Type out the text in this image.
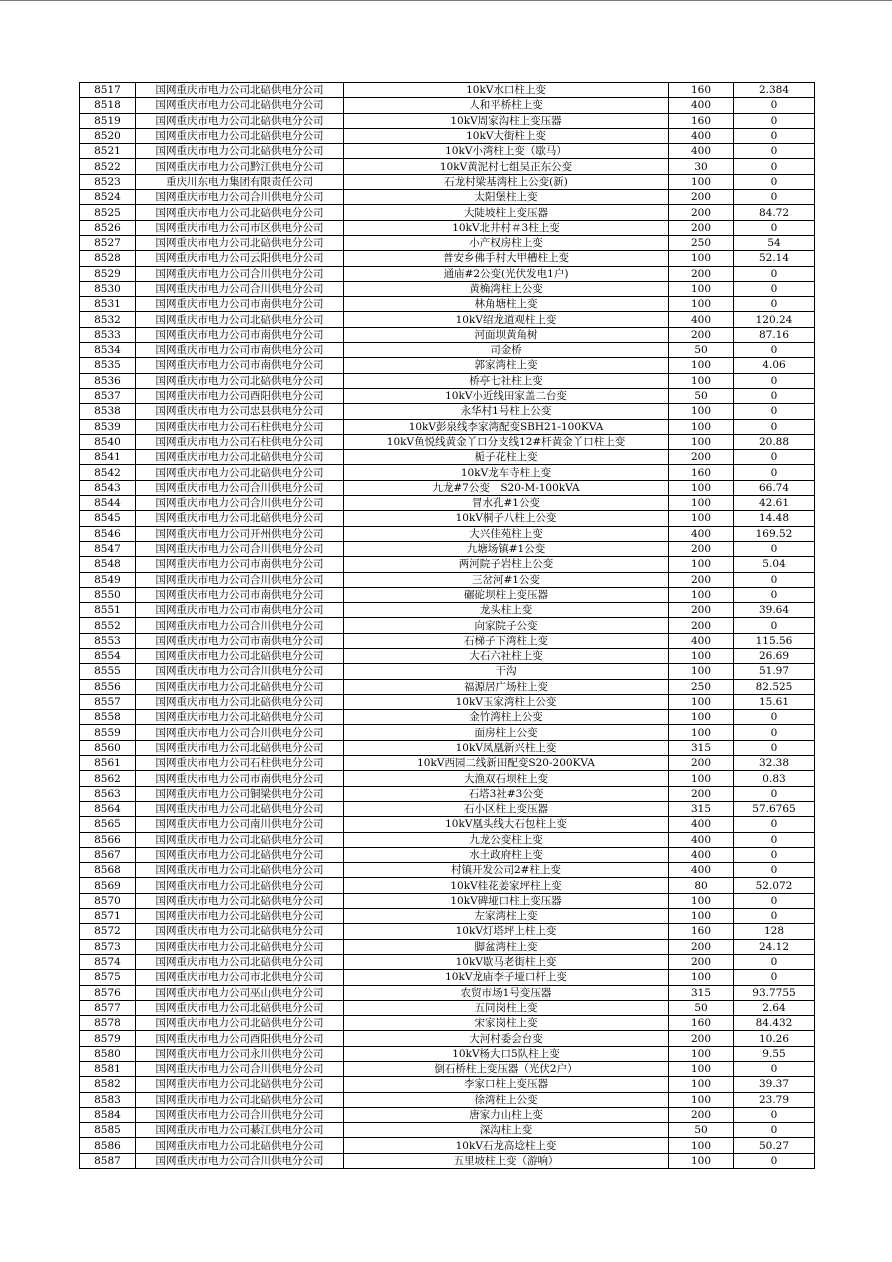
8517	国网重庆市电力公司北碚供电分公司	10kV水口柱上变	160	2.384
8518	国网重庆市电力公司北碚供电分公司	人和平桥柱上变	400	0
8519	国网重庆市电力公司北碚供电分公司	10kV周家沟柱上变压器	160	0
8520	国网重庆市电力公司北碚供电分公司	10kV大街柱上变	400	0
8521	国网重庆市电力公司北碚供电分公司	10kV小湾柱上变（歇马）	400	0
8522	国网重庆市电力公司黔江供电分公司	10kV黄泥村七组吴正东公变	30	0
8523	重庆川东电力集团有限责任公司	石龙村梁基湾柱上公变(新)	100	0
8524	国网重庆市电力公司合川供电分公司	太阳堡柱上变	200	0
8525	国网重庆市电力公司北碚供电分公司	大陡坡柱上变压器	200	84.72
8526	国网重庆市电力公司市区供电分公司	10kV北井村＃3柱上变	200	0
8527	国网重庆市电力公司北碚供电分公司	小产权房柱上变	250	54
8528	国网重庆市电力公司云阳供电分公司	普安乡佛手村大甲槽柱上变	100	52.14
8529	国网重庆市电力公司合川供电分公司	通庙#2公变(光伏发电1户)	200	0
8530	国网重庆市电力公司合川供电分公司	黄桷湾柱上公变	100	0
8531	国网重庆市电力公司市南供电分公司	林角塘柱上变	100	0
8532	国网重庆市电力公司北碚供电分公司	10kV绍龙道观柱上变	400	120.24
8533	国网重庆市电力公司市南供电分公司	河面坝黄角树	200	87.16
8534	国网重庆市电力公司市南供电分公司	司金桥	50	0
8535	国网重庆市电力公司市南供电分公司	郭家湾柱上变	100	4.06
8536	国网重庆市电力公司北碚供电分公司	桥亭七社柱上变	100	0
8537	国网重庆市电力公司酉阳供电分公司	10kV小近线田家盖二台变	50	0
8538	国网重庆市电力公司忠县供电分公司	永华村1号柱上公变	100	0
8539	国网重庆市电力公司石柱供电分公司	10kV彭泉线李家湾配变SBH21-100KVA	100	0
8540	国网重庆市电力公司石柱供电分公司	10kV鱼悦线黄金丫口分支线12#杆黄金丫口柱上变	100	20.88
8541	国网重庆市电力公司北碚供电分公司	栀子花柱上变	200	0
8542	国网重庆市电力公司北碚供电分公司	10kV龙车寺柱上变	160	0
8543	国网重庆市电力公司合川供电分公司	九龙#7公变　S20-M-100kVA	100	66.74
8544	国网重庆市电力公司合川供电分公司	冒水孔#1公变	100	42.61
8545	国网重庆市电力公司北碚供电分公司	10kV桐子八柱上公变	100	14.48
8546	国网重庆市电力公司开州供电分公司	大兴佳苑柱上变	400	169.52
8547	国网重庆市电力公司合川供电分公司	九塘场镇#1公变	200	0
8548	国网重庆市电力公司市南供电分公司	两河院子岩柱上公变	100	5.04
8549	国网重庆市电力公司合川供电分公司	三岔河#1公变	200	0
8550	国网重庆市电力公司市南供电分公司	碾砣坝柱上变压器	100	0
8551	国网重庆市电力公司市南供电分公司	龙头柱上变	200	39.64
8552	国网重庆市电力公司合川供电分公司	向家院子公变	200	0
8553	国网重庆市电力公司市南供电分公司	石梯子下湾柱上变	400	115.56
8554	国网重庆市电力公司北碚供电分公司	大石六社柱上变	100	26.69
8555	国网重庆市电力公司合川供电分公司	干沟	100	51.97
8556	国网重庆市电力公司北碚供电分公司	福源居广场柱上变	250	82.525
8557	国网重庆市电力公司北碚供电分公司	10kV玉家湾柱上公变	100	15.61
8558	国网重庆市电力公司北碚供电分公司	金竹湾柱上公变	100	0
8559	国网重庆市电力公司合川供电分公司	面房柱上公变	100	0
8560	国网重庆市电力公司北碚供电分公司	10kV凤凰新兴柱上变	315	0
8561	国网重庆市电力公司石柱供电分公司	10kV西园二线新田配变S20-200KVA	200	32.38
8562	国网重庆市电力公司市南供电分公司	大渔双石坝柱上变	100	0.83
8563	国网重庆市电力公司铜梁供电分公司	石塔3社#3公变	200	0
8564	国网重庆市电力公司北碚供电分公司	石小区柱上变压器	315	57.6765
8565	国网重庆市电力公司南川供电分公司	10kV凰头线大石包柱上变	400	0
8566	国网重庆市电力公司北碚供电分公司	九龙公变柱上变	400	0
8567	国网重庆市电力公司北碚供电分公司	水土政府柱上变	400	0
8568	国网重庆市电力公司北碚供电分公司	村镇开发公司2#柱上变	400	0
8569	国网重庆市电力公司北碚供电分公司	10kV桂花姜家坪柱上变	80	52.072
8570	国网重庆市电力公司北碚供电分公司	10kV碑垭口柱上变压器	100	0
8571	国网重庆市电力公司北碚供电分公司	左家湾柱上变	100	0
8572	国网重庆市电力公司北碚供电分公司	10kV灯塔坪上柱上变	160	128
8573	国网重庆市电力公司北碚供电分公司	脚盆湾柱上变	200	24.12
8574	国网重庆市电力公司北碚供电分公司	10kV歇马老街柱上变	200	0
8575	国网重庆市电力公司市北供电分公司	10kV龙庙李子垭口杆上变	100	0
8576	国网重庆市电力公司巫山供电分公司	农贸市场1号变压器	315	93.7755
8577	国网重庆市电力公司北碚供电分公司	五同岗柱上变	50	2.64
8578	国网重庆市电力公司北碚供电分公司	宋家岗柱上变	160	84.432
8579	国网重庆市电力公司酉阳供电分公司	大河村委会台变	200	10.26
8580	国网重庆市电力公司永川供电分公司	10kV杨大口5队柱上变	100	9.55
8581	国网重庆市电力公司合川供电分公司	倒石桥柱上变压器（光伏2户）	100	0
8582	国网重庆市电力公司北碚供电分公司	李家口柱上变压器	100	39.37
8583	国网重庆市电力公司北碚供电分公司	徐湾柱上公变	100	23.79
8584	国网重庆市电力公司合川供电分公司	唐家力山柱上变	200	0
8585	国网重庆市电力公司綦江供电分公司	深沟柱上变	50	0
8586	国网重庆市电力公司北碚供电分公司	10kV石龙高埝柱上变	100	50.27
8587	国网重庆市电力公司合川供电分公司	五里坡柱上变（游响）	100	0
